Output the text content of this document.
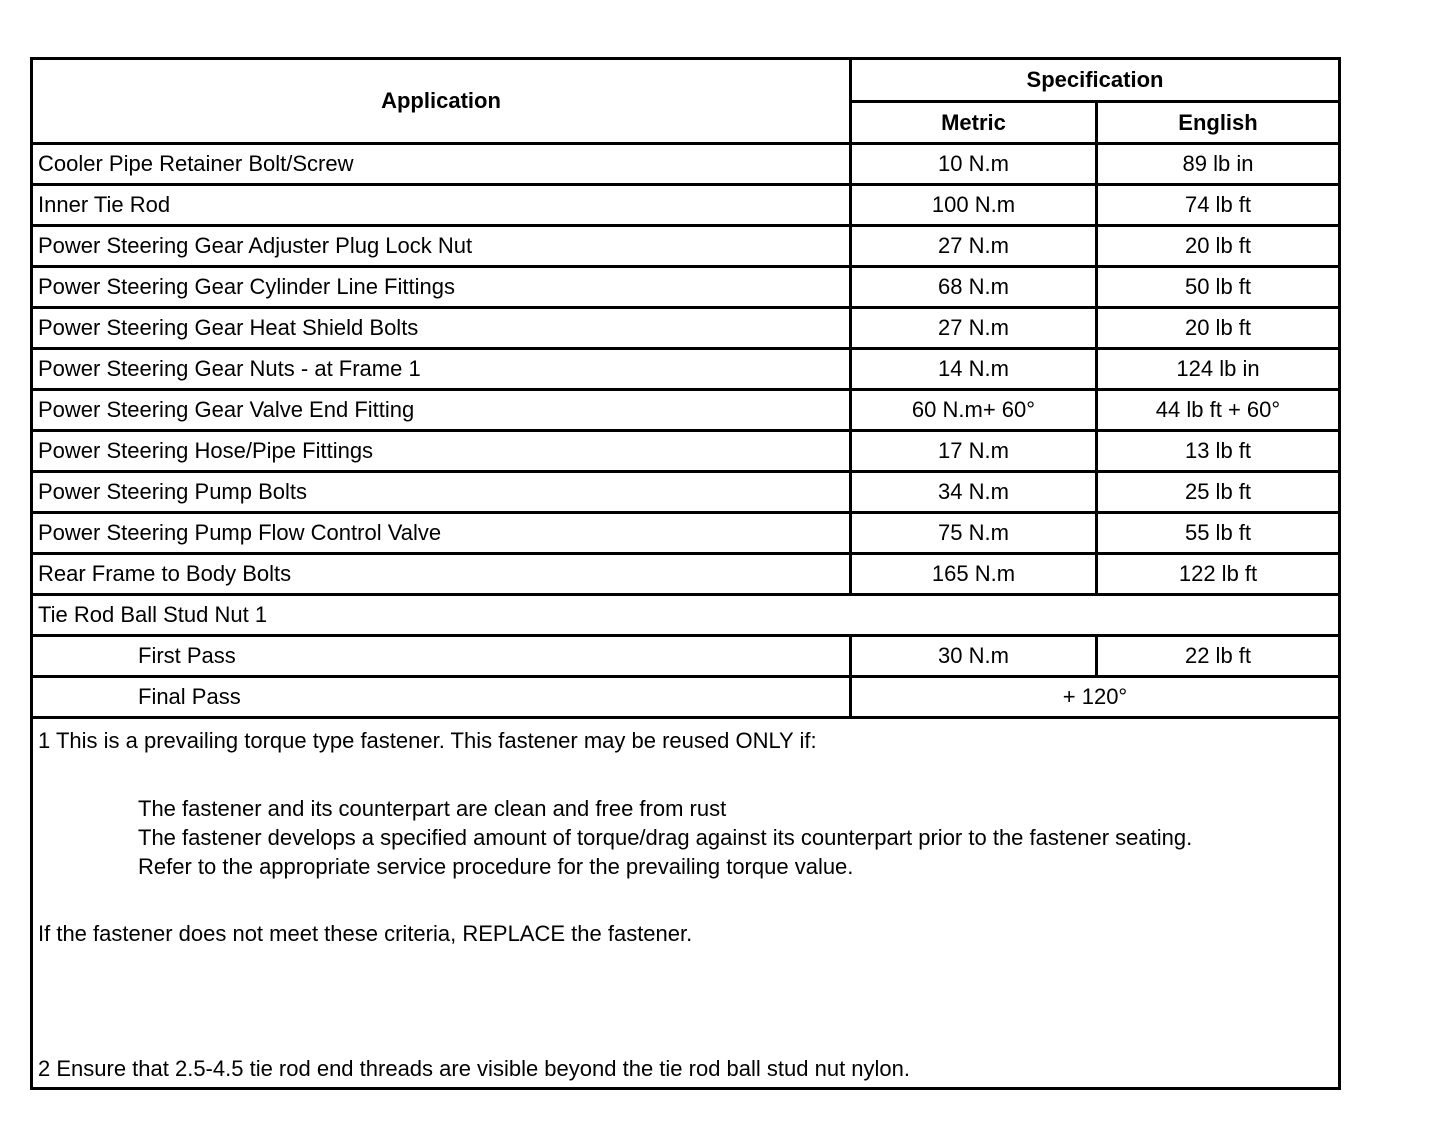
Application
Specification
Metric	English
Cooler Pipe Retainer Bolt/Screw	10 N.m	89 lb in
Inner Tie Rod	100 N.m	74 lb ft
Power Steering Gear Adjuster Plug Lock Nut	27 N.m	20 lb ft
Power Steering Gear Cylinder Line Fittings	68 N.m	50 lb ft
Power Steering Gear Heat Shield Bolts	27 N.m	20 lb ft
Power Steering Gear Nuts - at Frame 1	14 N.m	124 lb in
Power Steering Gear Valve End Fitting	60 N.m+ 60°	44 lb ft + 60°
Power Steering Hose/Pipe Fittings	17 N.m	13 lb ft
Power Steering Pump Bolts	34 N.m	25 lb ft
Power Steering Pump Flow Control Valve	75 N.m	55 lb ft
Rear Frame to Body Bolts	165 N.m	122 lb ft
Tie Rod Ball Stud Nut 1
First Pass	30 N.m	22 lb ft
Final Pass	+ 120°
1 This is a prevailing torque type fastener. This fastener may be reused ONLY if:
The fastener and its counterpart are clean and free from rust
The fastener develops a specified amount of torque/drag against its counterpart prior to the fastener seating.
Refer to the appropriate service procedure for the prevailing torque value.
If the fastener does not meet these criteria, REPLACE the fastener.
2 Ensure that 2.5-4.5 tie rod end threads are visible beyond the tie rod ball stud nut nylon.
